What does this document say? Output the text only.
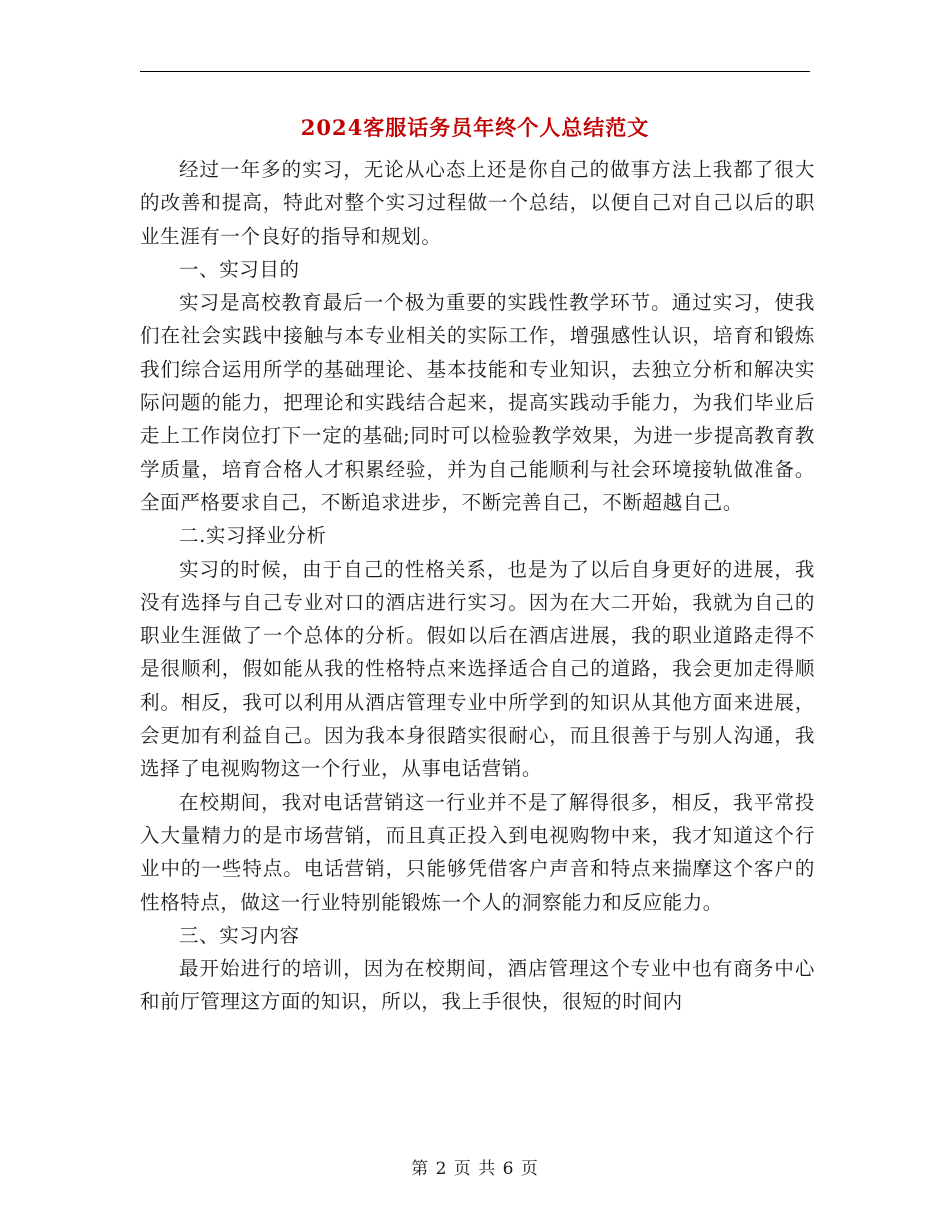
2024客服话务员年终个人总结范文

经过一年多的实习，无论从心态上还是你自己的做事方法上我都了很大的改善和提高，特此对整个实习过程做一个总结，以便自己对自己以后的职业生涯有一个良好的指导和规划。

一、实习目的

实习是高校教育最后一个极为重要的实践性教学环节。通过实习，使我们在社会实践中接触与本专业相关的实际工作，增强感性认识，培育和锻炼我们综合运用所学的基础理论、基本技能和专业知识，去独立分析和解决实际问题的能力，把理论和实践结合起来，提高实践动手能力，为我们毕业后走上工作岗位打下一定的基础;同时可以检验教学效果，为进一步提高教育教学质量，培育合格人才积累经验，并为自己能顺利与社会环境接轨做准备。全面严格要求自己，不断追求进步，不断完善自己，不断超越自己。

二.实习择业分析

实习的时候，由于自己的性格关系，也是为了以后自身更好的进展，我没有选择与自己专业对口的酒店进行实习。因为在大二开始，我就为自己的职业生涯做了一个总体的分析。假如以后在酒店进展，我的职业道路走得不是很顺利，假如能从我的性格特点来选择适合自己的道路，我会更加走得顺利。相反，我可以利用从酒店管理专业中所学到的知识从其他方面来进展，会更加有利益自己。因为我本身很踏实很耐心，而且很善于与别人沟通，我选择了电视购物这一个行业，从事电话营销。

在校期间，我对电话营销这一行业并不是了解得很多，相反，我平常投入大量精力的是市场营销，而且真正投入到电视购物中来，我才知道这个行业中的一些特点。电话营销，只能够凭借客户声音和特点来揣摩这个客户的性格特点，做这一行业特别能锻炼一个人的洞察能力和反应能力。

三、实习内容

最开始进行的培训，因为在校期间，酒店管理这个专业中也有商务中心和前厅管理这方面的知识，所以，我上手很快，很短的时间内

第 2 页 共 6 页
